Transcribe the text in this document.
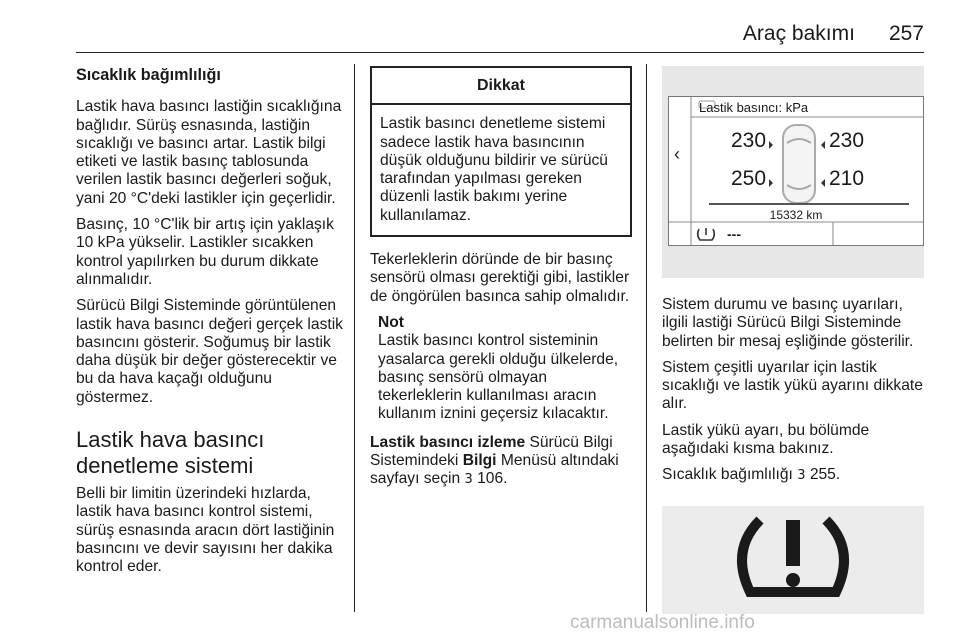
Araç bakımı 257

Sıcaklık bağımlılığı

Lastik hava basıncı lastiğin sıcaklığına bağlıdır. Sürüş esnasında, lastiğin sıcaklığı ve basıncı artar. Lastik bilgi etiketi ve lastik basınç tablosunda verilen lastik basıncı değerleri soğuk, yani 20 °C'deki lastikler için geçerlidir.

Basınç, 10 °C'lik bir artış için yaklaşık 10 kPa yükselir. Lastikler sıcakken kontrol yapılırken bu durum dikkate alınmalıdır.

Sürücü Bilgi Sisteminde görüntülenen lastik hava basıncı değeri gerçek lastik basıncını gösterir. Soğumuş bir lastik daha düşük bir değer gösterecektir ve bu da hava kaçağı olduğunu göstermez.

Lastik hava basıncı denetleme sistemi

Belli bir limitin üzerindeki hızlarda, lastik hava basıncı kontrol sistemi, sürüş esnasında aracın dört lastiğinin basıncını ve devir sayısını her dakika kontrol eder.

Dikkat
Lastik basıncı denetleme sistemi sadece lastik hava basıncının düşük olduğunu bildirir ve sürücü tarafından yapılması gereken düzenli lastik bakımı yerine kullanılamaz.

Tekerleklerin döründe de bir basınç sensörü olması gerektiği gibi, lastikler de öngörülen basınca sahip olmalıdır.

Not
Lastik basıncı kontrol sisteminin yasalarca gerekli olduğu ülkelerde, basınç sensörü olmayan tekerleklerin kullanılması aracın kullanım iznini geçersiz kılacaktır.

Lastik basıncı izleme Sürücü Bilgi Sistemindeki Bilgi Menüsü altındaki sayfayı seçin 3 106.

Lastik basıncı: kPa
‹
230	230
250	210
15332 km
---

Sistem durumu ve basınç uyarıları, ilgili lastiği Sürücü Bilgi Sisteminde belirten bir mesaj eşliğinde gösterilir.

Sistem çeşitli uyarılar için lastik sıcaklığı ve lastik yükü ayarını dikkate alır.

Lastik yükü ayarı, bu bölümde aşağıdaki kısma bakınız.

Sıcaklık bağımlılığı 3 255.

carmanualsonline.info
